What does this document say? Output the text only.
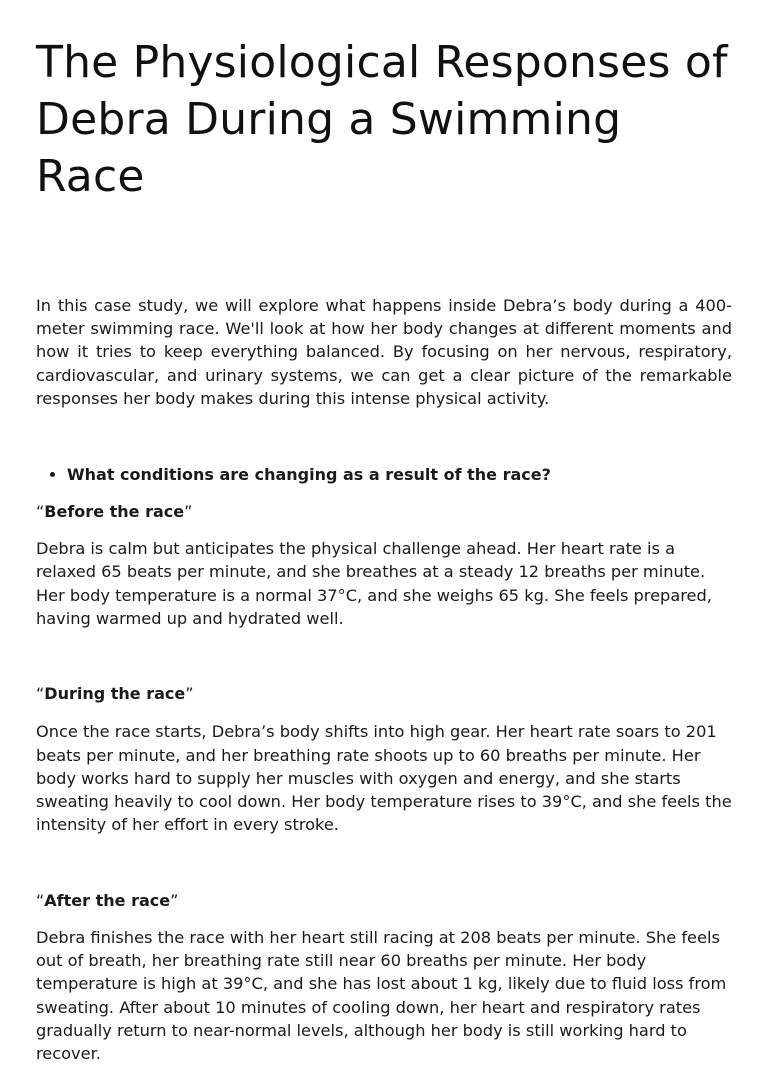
The Physiological Responses of Debra During a Swimming Race

In this case study, we will explore what happens inside Debra’s body during a 400-meter swimming race. We'll look at how her body changes at different moments and how it tries to keep everything balanced. By focusing on her nervous, respiratory, cardiovascular, and urinary systems, we can get a clear picture of the remarkable responses her body makes during this intense physical activity.

• What conditions are changing as a result of the race?

“Before the race”

Debra is calm but anticipates the physical challenge ahead. Her heart rate is a relaxed 65 beats per minute, and she breathes at a steady 12 breaths per minute. Her body temperature is a normal 37°C, and she weighs 65 kg. She feels prepared, having warmed up and hydrated well.

“During the race”

Once the race starts, Debra’s body shifts into high gear. Her heart rate soars to 201 beats per minute, and her breathing rate shoots up to 60 breaths per minute. Her body works hard to supply her muscles with oxygen and energy, and she starts sweating heavily to cool down. Her body temperature rises to 39°C, and she feels the intensity of her effort in every stroke.

“After the race”

Debra finishes the race with her heart still racing at 208 beats per minute. She feels out of breath, her breathing rate still near 60 breaths per minute. Her body temperature is high at 39°C, and she has lost about 1 kg, likely due to fluid loss from sweating. After about 10 minutes of cooling down, her heart and respiratory rates gradually return to near-normal levels, although her body is still working hard to recover.
